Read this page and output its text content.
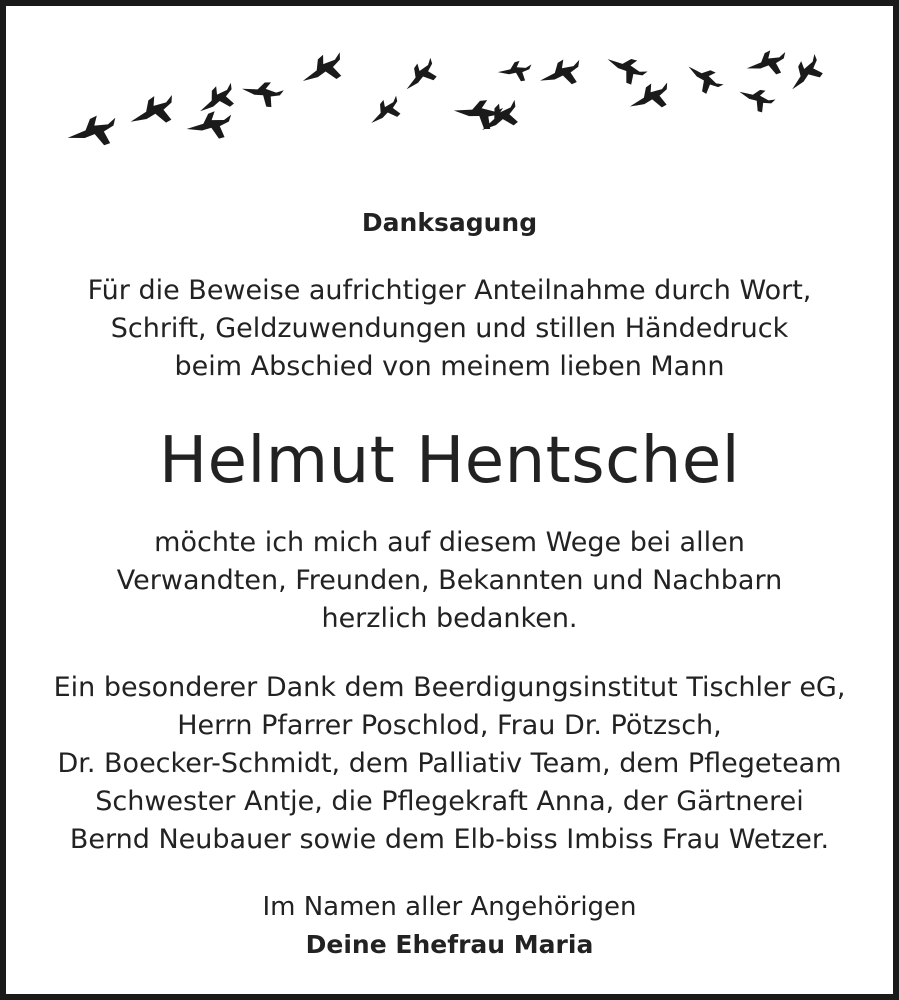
Danksagung
Für die Beweise aufrichtiger Anteilnahme durch Wort,
Schrift, Geldzuwendungen und stillen Händedruck
beim Abschied von meinem lieben Mann
Helmut Hentschel
möchte ich mich auf diesem Wege bei allen
Verwandten, Freunden, Bekannten und Nachbarn
herzlich bedanken.
Ein besonderer Dank dem Beerdigungsinstitut Tischler eG,
Herrn Pfarrer Poschlod, Frau Dr. Pötzsch,
Dr. Boecker-Schmidt, dem Palliativ Team, dem Pflegeteam
Schwester Antje, die Pflegekraft Anna, der Gärtnerei
Bernd Neubauer sowie dem Elb-biss Imbiss Frau Wetzer.
Im Namen aller Angehörigen
Deine Ehefrau Maria
